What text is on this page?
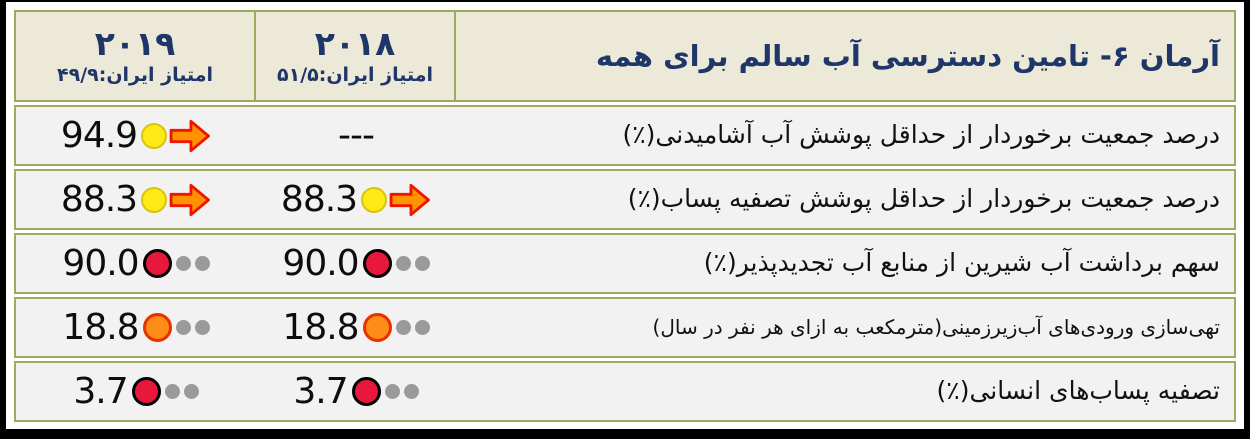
آرمان ۶- تامین دسترسی آب سالم برای همه
۲۰۱۸
امتیاز ایران:۵۱/۵
۲۰۱۹
امتیاز ایران:۴۹/۹
درصد جمعیت برخوردار از حداقل پوشش آب آشامیدنی(٪)
---
94.9
درصد جمعیت برخوردار از حداقل پوشش تصفیه پساب(٪)
88.3
88.3
سهم برداشت آب شیرین از منابع آب تجدیدپذیر(٪)
90.0
90.0
تهی‌سازی ورودی‌های آب‌زیرزمینی(مترمکعب به ازای هر نفر در سال)
18.8
18.8
تصفیه پساب‌های انسانی(٪)
3.7
3.7
